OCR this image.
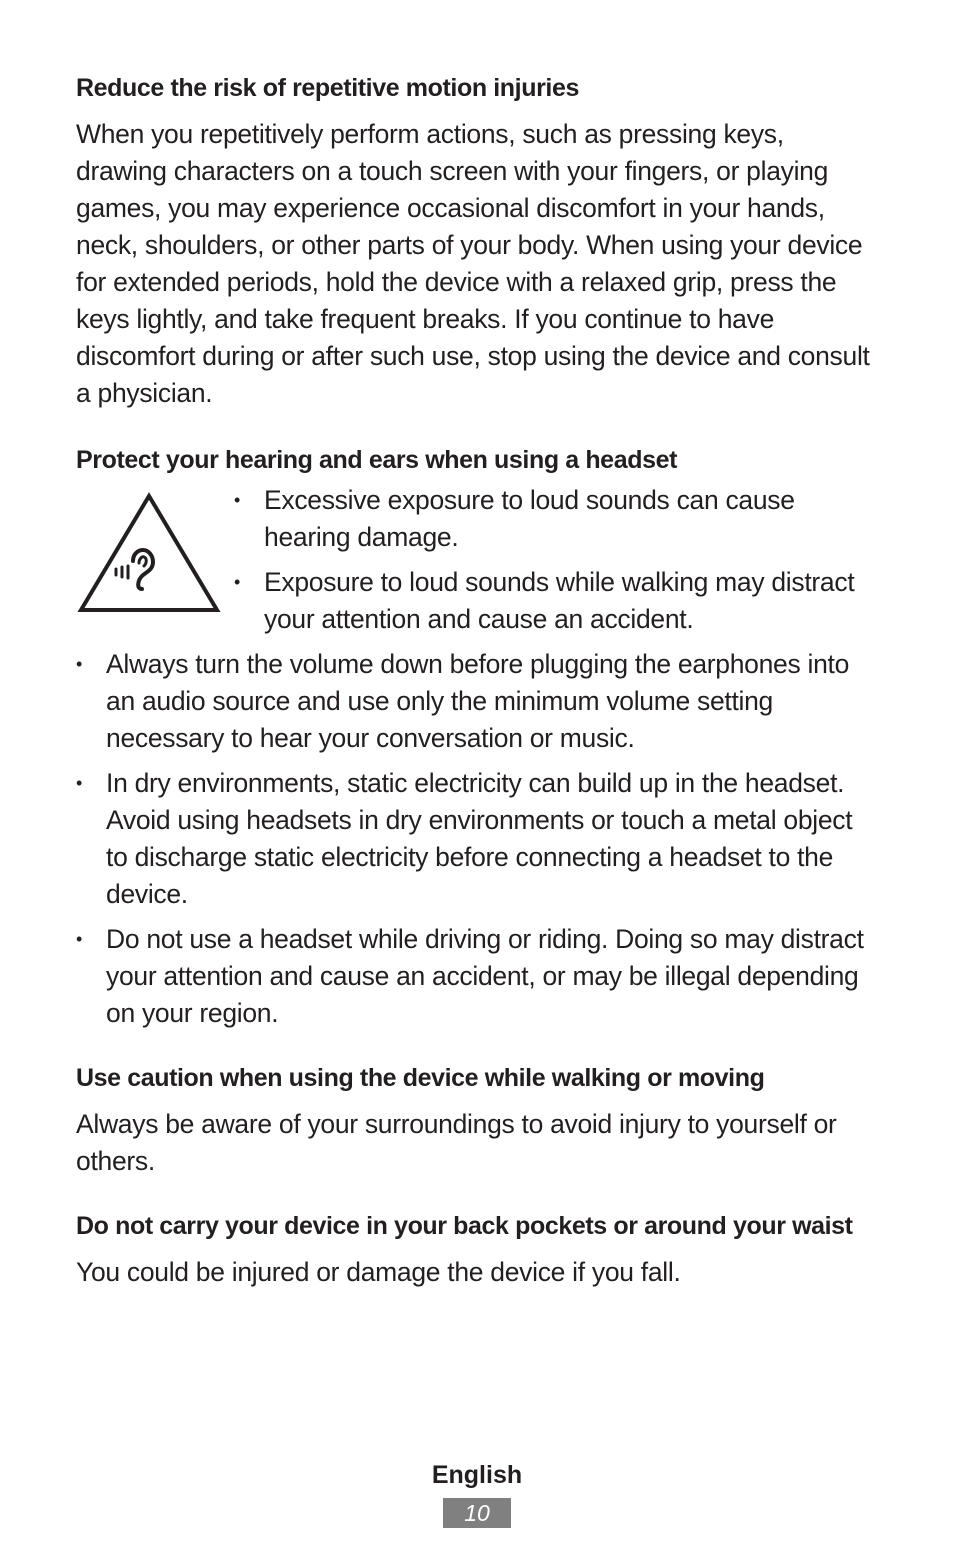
Reduce the risk of repetitive motion injuries

When you repetitively perform actions, such as pressing keys, drawing characters on a touch screen with your fingers, or playing games, you may experience occasional discomfort in your hands, neck, shoulders, or other parts of your body. When using your device for extended periods, hold the device with a relaxed grip, press the keys lightly, and take frequent breaks. If you continue to have discomfort during or after such use, stop using the device and consult a physician.

Protect your hearing and ears when using a headset
• Excessive exposure to loud sounds can cause hearing damage.
• Exposure to loud sounds while walking may distract your attention and cause an accident.
• Always turn the volume down before plugging the earphones into an audio source and use only the minimum volume setting necessary to hear your conversation or music.
• In dry environments, static electricity can build up in the headset. Avoid using headsets in dry environments or touch a metal object to discharge static electricity before connecting a headset to the device.
• Do not use a headset while driving or riding. Doing so may distract your attention and cause an accident, or may be illegal depending on your region.
Use caution when using the device while walking or moving

Always be aware of your surroundings to avoid injury to yourself or others.

Do not carry your device in your back pockets or around your waist

You could be injured or damage the device if you fall.

English
10
